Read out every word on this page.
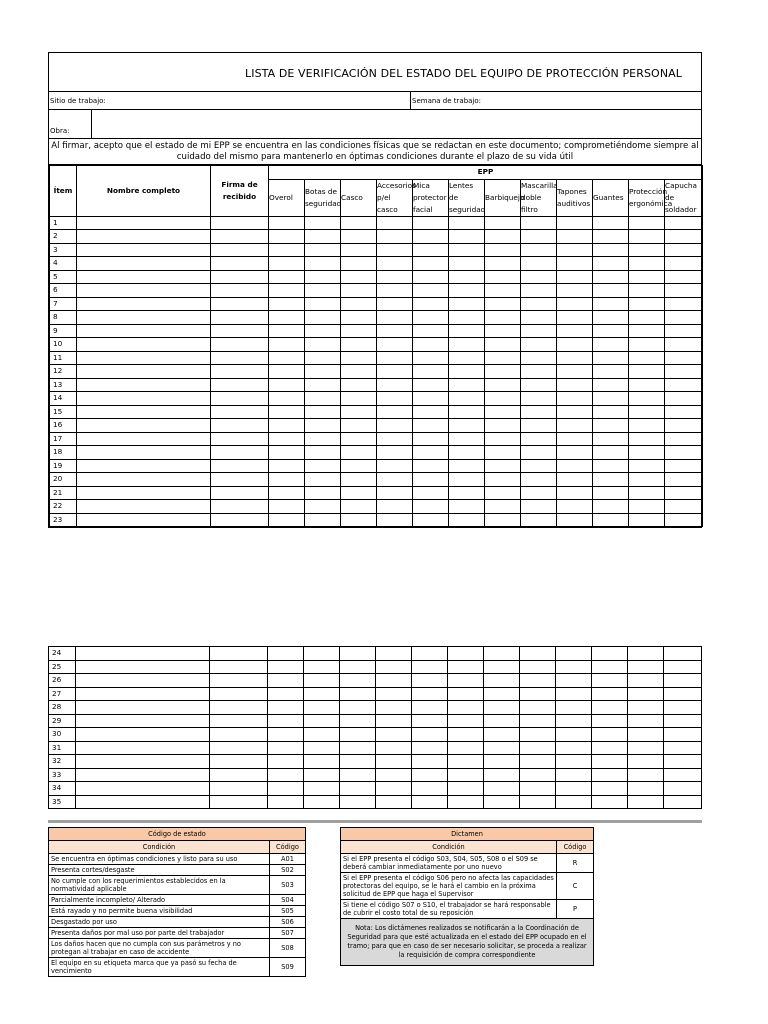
LISTA DE VERIFICACIÓN DEL ESTADO DEL EQUIPO DE PROTECCIÓN PERSONAL
Sitio de trabajo:	Semana de trabajo:
Obra:
Al firmar, acepto que el estado de mi EPP se encuentra en las condiciones físicas que se redactan en este documento; comprometiéndome siempre al cuidado del mismo para mantenerlo en óptimas condiciones durante el plazo de su vida útil
Ítem	Nombre completo	Firma de recibido	EPP											
			Overol	Botas de seguridad	Casco	Accesorios p/el casco	Mica protector facial	Lentes de seguridad	Barbiquejo	Mascarilla doble filtro	Tapones auditivos	Guantes	Protección ergonómica	Capucha de soldador
1														
2														
3														
4														
5														
6														
7														
8														
9														
10														
11														
12														
13														
14														
15														
16														
17														
18														
19														
20														
21														
22														
23														
24														
25														
26														
27														
28														
29														
30														
31														
32														
33														
34														
35														
Código de estado	
Condición	Código
Se encuentra en óptimas condiciones y listo para su uso	A01
Presenta cortes/desgaste	S02
No cumple con los requerimientos establecidos en la normatividad aplicable	S03
Parcialmente incompleto/ Alterado	S04
Está rayado y no permite buena visibilidad	S05
Desgastado por uso	S06
Presenta daños por mal uso por parte del trabajador	S07
Los daños hacen que no cumpla con sus parámetros y no protegan al trabajar en caso de accidente	S08
El equipo en su etiqueta marca que ya pasó su fecha de vencimiento	S09
Dictamen	
Condición	Código
Si el EPP presenta el código S03, S04, S05, S08 o el S09 se deberá cambiar inmediatamente por uno nuevo	R
Si el EPP presenta el código S06 pero no afecta las capacidades protectoras del equipo, se le hará el cambio en la próxima solicitud de EPP que haga el Supervisor	C
Si tiene el código S07 o S10, el trabajador se hará responsable de cubrir el costo total de su reposición	P
Nota: Los dictámenes realizados se notificarán a la Coordinación de Seguridad para que esté actualizada en el estado del EPP ocupado en el tramo; para que en caso de ser necesario solicitar, se proceda a realizar la requisición de compra correspondiente	
